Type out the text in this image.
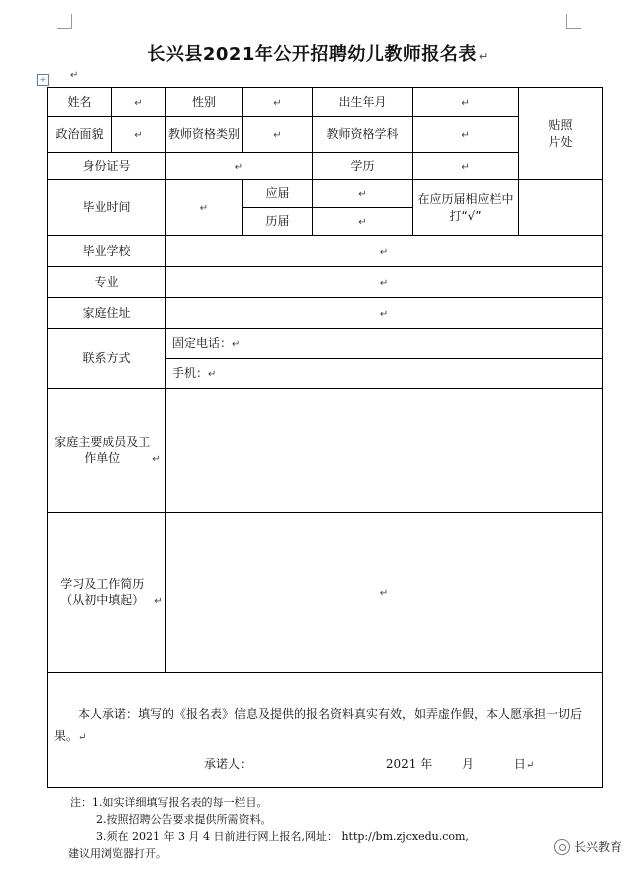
长兴县2021年公开招聘幼儿教师报名表 ↵
+ ↵
姓名	↵	性别	↵	出生年月	↵	贴照片处
政治面貌	↵	教师资格类别	↵	教师资格学科	↵	
身份证号		↵		学历	↵	
毕业时间		↵	应届	↵	在应历届相应栏中打“√”	
			历届	↵		
毕业学校		↵				
专业		↵				
家庭住址		↵				
联系方式		固定电话：↵				
		手机：↵				
家庭主要成员及工作单位 ↵						
学习及工作简历（从初中填起） ↵		↵				

本人承诺：填写的《报名表》信息及提供的报名资料真实有效，如弄虚作假，本人愿承担一切后果。↵

承诺人： 2021 年 月 日↵						

注：1.如实详细填写报名表的每一栏目。
2.按照招聘公告要求提供所需资料。
3.须在 2021 年 3 月 4 日前进行网上报名,网址： http://bm.zjcxedu.com,
建议用浏览器打开。	长兴教育
